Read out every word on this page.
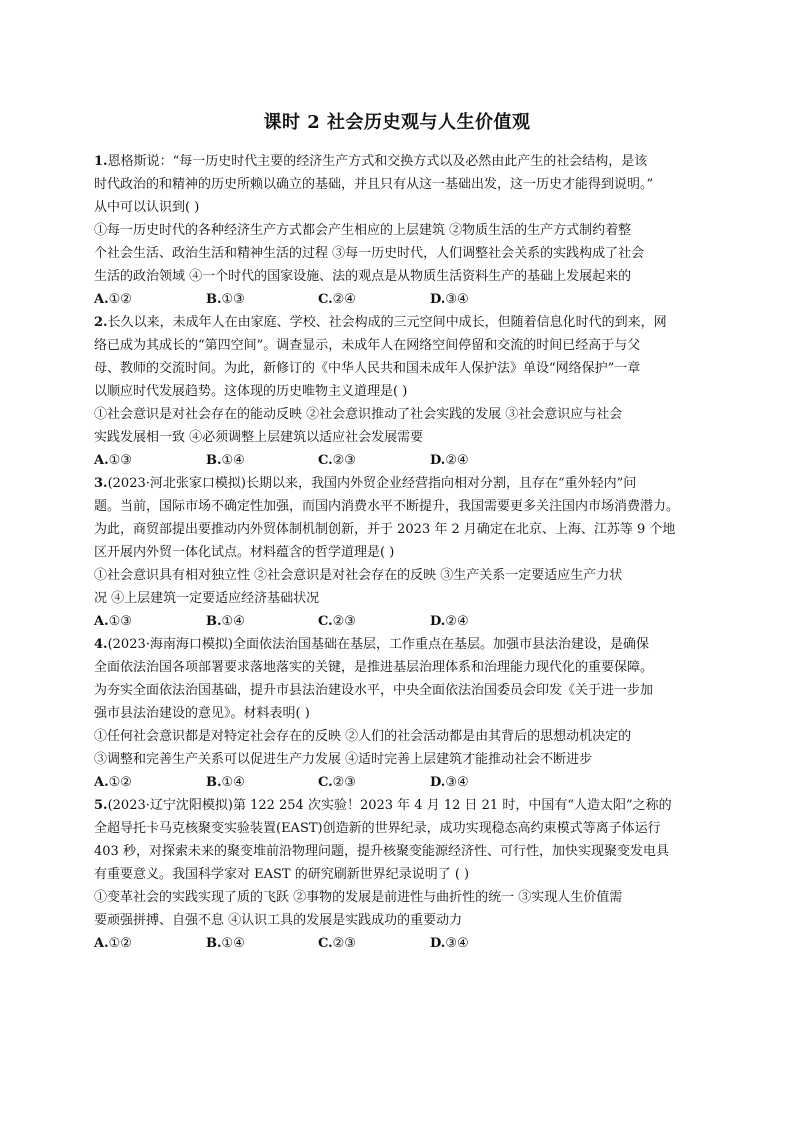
课时 2 社会历史观与人生价值观
1.恩格斯说：“每一历史时代主要的经济生产方式和交换方式以及必然由此产生的社会结构，是该
时代政治的和精神的历史所赖以确立的基础，并且只有从这一基础出发，这一历史才能得到说明。”
从中可以认识到( )
①每一历史时代的各种经济生产方式都会产生相应的上层建筑 ②物质生活的生产方式制约着整
个社会生活、政治生活和精神生活的过程 ③每一历史时代，人们调整社会关系的实践构成了社会
生活的政治领域 ④一个时代的国家设施、法的观点是从物质生活资料生产的基础上发展起来的
A.①②	B.①③	C.②④	D.③④
2.长久以来，未成年人在由家庭、学校、社会构成的三元空间中成长，但随着信息化时代的到来，网
络已成为其成长的“第四空间”。调查显示，未成年人在网络空间停留和交流的时间已经高于与父
母、教师的交流时间。为此，新修订的《中华人民共和国未成年人保护法》单设“网络保护”一章
以顺应时代发展趋势。这体现的历史唯物主义道理是( )
①社会意识是对社会存在的能动反映 ②社会意识推动了社会实践的发展 ③社会意识应与社会
实践发展相一致 ④必须调整上层建筑以适应社会发展需要
A.①③	B.①④	C.②③	D.②④
3.(2023·河北张家口模拟)长期以来，我国内外贸企业经营指向相对分割，且存在“重外轻内”问
题。当前，国际市场不确定性加强，而国内消费水平不断提升，我国需要更多关注国内市场消费潜力。
为此，商贸部提出要推动内外贸体制机制创新，并于 2023 年 2 月确定在北京、上海、江苏等 9 个地
区开展内外贸一体化试点。材料蕴含的哲学道理是( )
①社会意识具有相对独立性 ②社会意识是对社会存在的反映 ③生产关系一定要适应生产力状
况 ④上层建筑一定要适应经济基础状况
A.①③	B.①④	C.②③	D.②④
4.(2023·海南海口模拟)全面依法治国基础在基层，工作重点在基层。加强市县法治建设，是确保
全面依法治国各项部署要求落地落实的关键，是推进基层治理体系和治理能力现代化的重要保障。
为夯实全面依法治国基础，提升市县法治建设水平，中央全面依法治国委员会印发《关于进一步加
强市县法治建设的意见》。材料表明( )
①任何社会意识都是对特定社会存在的反映 ②人们的社会活动都是由其背后的思想动机决定的
③调整和完善生产关系可以促进生产力发展 ④适时完善上层建筑才能推动社会不断进步
A.①②	B.①④	C.②③	D.③④
5.(2023·辽宁沈阳模拟)第 122 254 次实验！2023 年 4 月 12 日 21 时，中国有“人造太阳”之称的
全超导托卡马克核聚变实验装置(EAST)创造新的世界纪录，成功实现稳态高约束模式等离子体运行
403 秒，对探索未来的聚变堆前沿物理问题，提升核聚变能源经济性、可行性，加快实现聚变发电具
有重要意义。我国科学家对 EAST 的研究刷新世界纪录说明了 ( )
①变革社会的实践实现了质的飞跃 ②事物的发展是前进性与曲折性的统一 ③实现人生价值需
要顽强拼搏、自强不息 ④认识工具的发展是实践成功的重要动力
A.①②	B.①④	C.②③	D.③④
